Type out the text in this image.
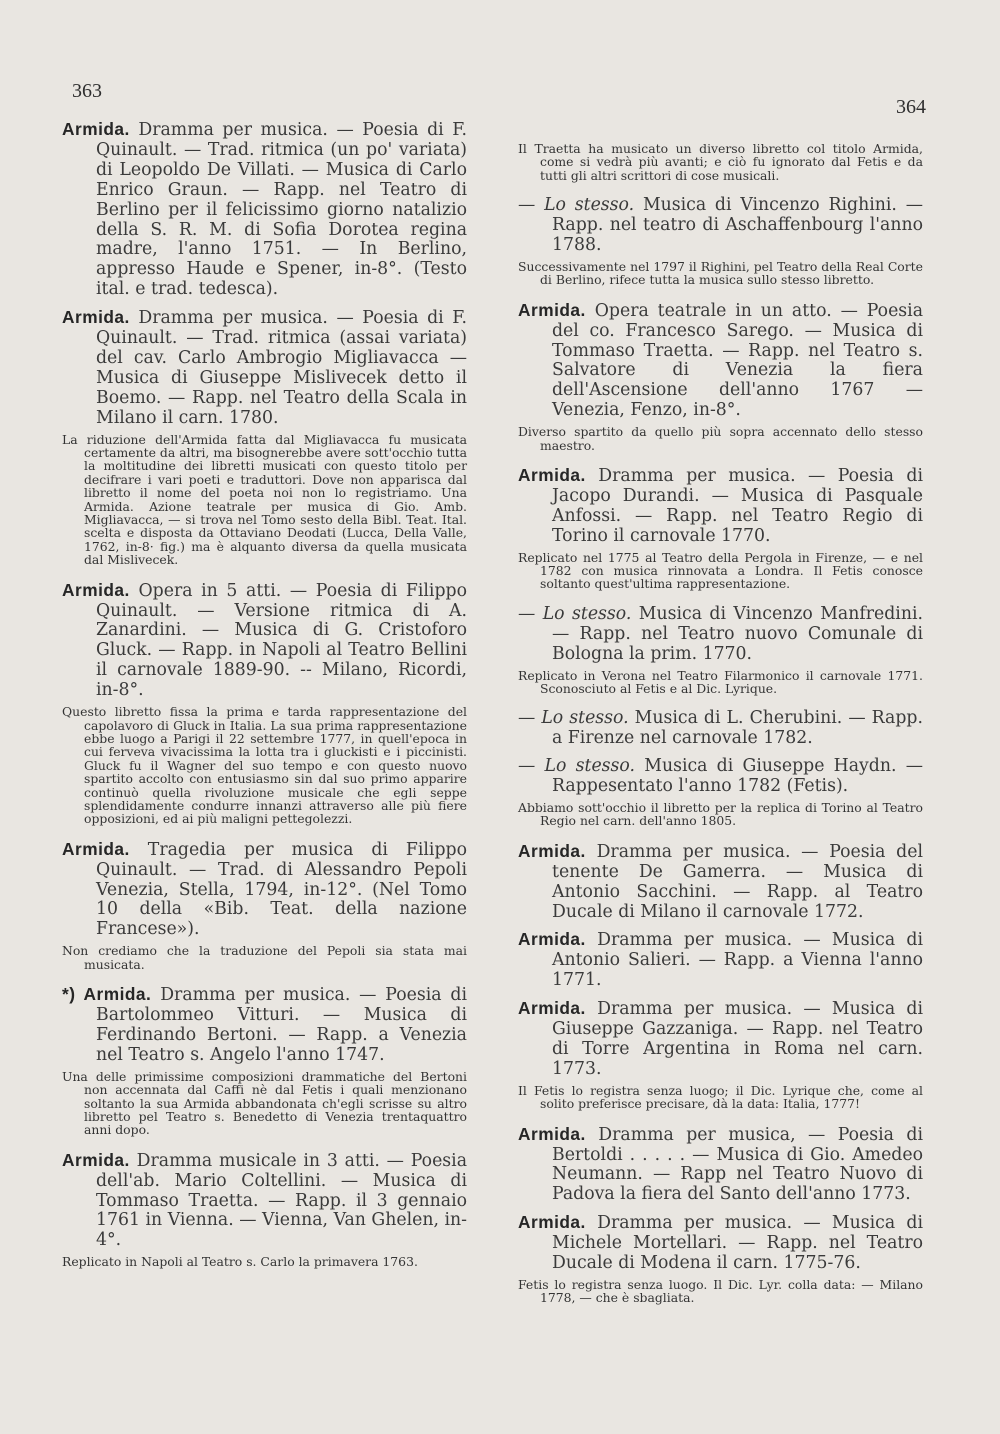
363
364

Armida. Dramma per musica. — Poesia di F. Quinault. — Trad. ritmica (un po' variata) di Leopoldo De Villati. — Musica di Carlo Enrico Graun. — Rapp. nel Teatro di Berlino per il felicissimo giorno natalizio della S. R. M. di Sofia Dorotea regina madre, l'anno 1751. — In Berlino, appresso Haude e Spener, in-8°. (Testo ital. e trad. tedesca).

Armida. Dramma per musica. — Poesia di F. Quinault. — Trad. ritmica (assai variata) del cav. Carlo Ambrogio Migliavacca — Musica di Giuseppe Mislivecek detto il Boemo. — Rapp. nel Teatro della Scala in Milano il carn. 1780.

La riduzione dell'Armida fatta dal Migliavacca fu musicata certamente da altri, ma bisognerebbe avere sott'occhio tutta la moltitudine dei libretti musicati con questo titolo per decifrare i vari poeti e traduttori. Dove non apparisca dal libretto il nome del poeta noi non lo registriamo. Una Armida. Azione teatrale per musica di Gio. Amb. Migliavacca, — si trova nel Tomo sesto della Bibl. Teat. Ital. scelta e disposta da Ottaviano Deodati (Lucca, Della Valle, 1762, in-8· fig.) ma è alquanto diversa da quella musicata dal Mislivecek.

Armida. Opera in 5 atti. — Poesia di Filippo Quinault. — Versione ritmica di A. Zanardini. — Musica di G. Cristoforo Gluck. — Rapp. in Napoli al Teatro Bellini il carnovale 1889-90. -- Milano, Ricordi, in-8°.

Questo libretto fissa la prima e tarda rappresentazione del capolavoro di Gluck in Italia. La sua prima rappresentazione ebbe luogo a Parigi il 22 settembre 1777, in quell'epoca in cui ferveva vivacissima la lotta tra i gluckisti e i piccinisti. Gluck fu il Wagner del suo tempo e con questo nuovo spartito accolto con entusiasmo sin dal suo primo apparire continuò quella rivoluzione musicale che egli seppe splendidamente condurre innanzi attraverso alle più fiere opposizioni, ed ai più maligni pettegolezzi.

Armida. Tragedia per musica di Filippo Quinault. — Trad. di Alessandro Pepoli Venezia, Stella, 1794, in-12°. (Nel Tomo 10 della «Bib. Teat. della nazione Francese»).

Non crediamo che la traduzione del Pepoli sia stata mai musicata.

*) Armida. Dramma per musica. — Poesia di Bartolommeo Vitturi. — Musica di Ferdinando Bertoni. — Rapp. a Venezia nel Teatro s. Angelo l'anno 1747.

Una delle primissime composizioni drammatiche del Bertoni non accennata dal Caffi nè dal Fetis i quali menzionano soltanto la sua Armida abbandonata ch'egli scrisse su altro libretto pel Teatro s. Benedetto di Venezia trentaquattro anni dopo.

Armida. Dramma musicale in 3 atti. — Poesia dell'ab. Mario Coltellini. — Musica di Tommaso Traetta. — Rapp. il 3 gennaio 1761 in Vienna. — Vienna, Van Ghelen, in-4°.

Replicato in Napoli al Teatro s. Carlo la primavera 1763.

Il Traetta ha musicato un diverso libretto col titolo Armida, come si vedrà più avanti; e ciò fu ignorato dal Fetis e da tutti gli altri scrittori di cose musicali.

— Lo stesso. Musica di Vincenzo Righini. — Rapp. nel teatro di Aschaffenbourg l'anno 1788.

Successivamente nel 1797 il Righini, pel Teatro della Real Corte di Berlino, rifece tutta la musica sullo stesso libretto.

Armida. Opera teatrale in un atto. — Poesia del co. Francesco Sarego. — Musica di Tommaso Traetta. — Rapp. nel Teatro s. Salvatore di Venezia la fiera dell'Ascensione dell'anno 1767 — Venezia, Fenzo, in-8°.

Diverso spartito da quello più sopra accennato dello stesso maestro.

Armida. Dramma per musica. — Poesia di Jacopo Durandi. — Musica di Pasquale Anfossi. — Rapp. nel Teatro Regio di Torino il carnovale 1770.

Replicato nel 1775 al Teatro della Pergola in Firenze, — e nel 1782 con musica rinnovata a Londra. Il Fetis conosce soltanto quest'ultima rappresentazione.

— Lo stesso. Musica di Vincenzo Manfredini. — Rapp. nel Teatro nuovo Comunale di Bologna la prim. 1770.

Replicato in Verona nel Teatro Filarmonico il carnovale 1771. Sconosciuto al Fetis e al Dic. Lyrique.

— Lo stesso. Musica di L. Cherubini. — Rapp. a Firenze nel carnovale 1782.

— Lo stesso. Musica di Giuseppe Haydn. — Rappesentato l'anno 1782 (Fetis).

Abbiamo sott'occhio il libretto per la replica di Torino al Teatro Regio nel carn. dell'anno 1805.

Armida. Dramma per musica. — Poesia del tenente De Gamerra. — Musica di Antonio Sacchini. — Rapp. al Teatro Ducale di Milano il carnovale 1772.

Armida. Dramma per musica. — Musica di Antonio Salieri. — Rapp. a Vienna l'anno 1771.

Armida. Dramma per musica. — Musica di Giuseppe Gazzaniga. — Rapp. nel Teatro di Torre Argentina in Roma nel carn. 1773.

Il Fetis lo registra senza luogo; il Dic. Lyrique che, come al solito preferisce precisare, dà la data: Italia, 1777!

Armida. Dramma per musica, — Poesia di Bertoldi . . . . . — Musica di Gio. Amedeo Neumann. — Rapp nel Teatro Nuovo di Padova la fiera del Santo dell'anno 1773.

Armida. Dramma per musica. — Musica di Michele Mortellari. — Rapp. nel Teatro Ducale di Modena il carn. 1775-76.

Fetis lo registra senza luogo. Il Dic. Lyr. colla data: — Milano 1778, — che è sbagliata.
